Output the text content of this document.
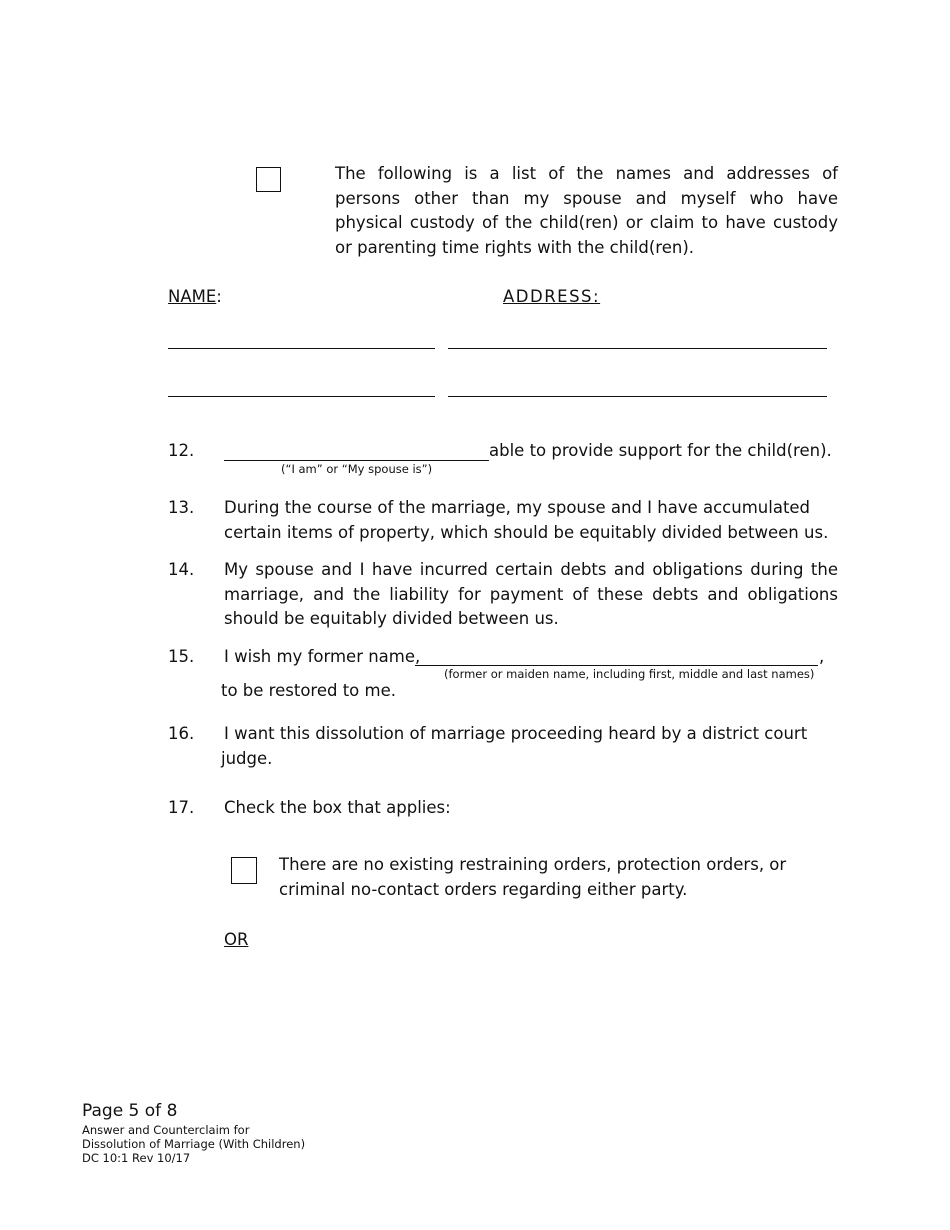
The following is a list of the names and addresses of persons other than my spouse and myself who have physical custody of the child(ren) or claim to have custody or parenting time rights with the child(ren).
NAME:	ADDRESS:
12.	able to provide support for the child(ren).
(“I am” or “My spouse is”)
13. During the course of the marriage, my spouse and I have accumulated
certain items of property, which should be equitably divided between us.
14. My spouse and I have incurred certain debts and obligations during the marriage, and the liability for payment of these debts and obligations should be equitably divided between us.
15. I wish my former name,	,
(former or maiden name, including first, middle and last names)
to be restored to me.
16. I want this dissolution of marriage proceeding heard by a district court
judge.
17. Check the box that applies:
There are no existing restraining orders, protection orders, or
criminal no-contact orders regarding either party.
OR
Page 5 of 8
Answer and Counterclaim for
Dissolution of Marriage (With Children)
DC 10:1 Rev 10/17
